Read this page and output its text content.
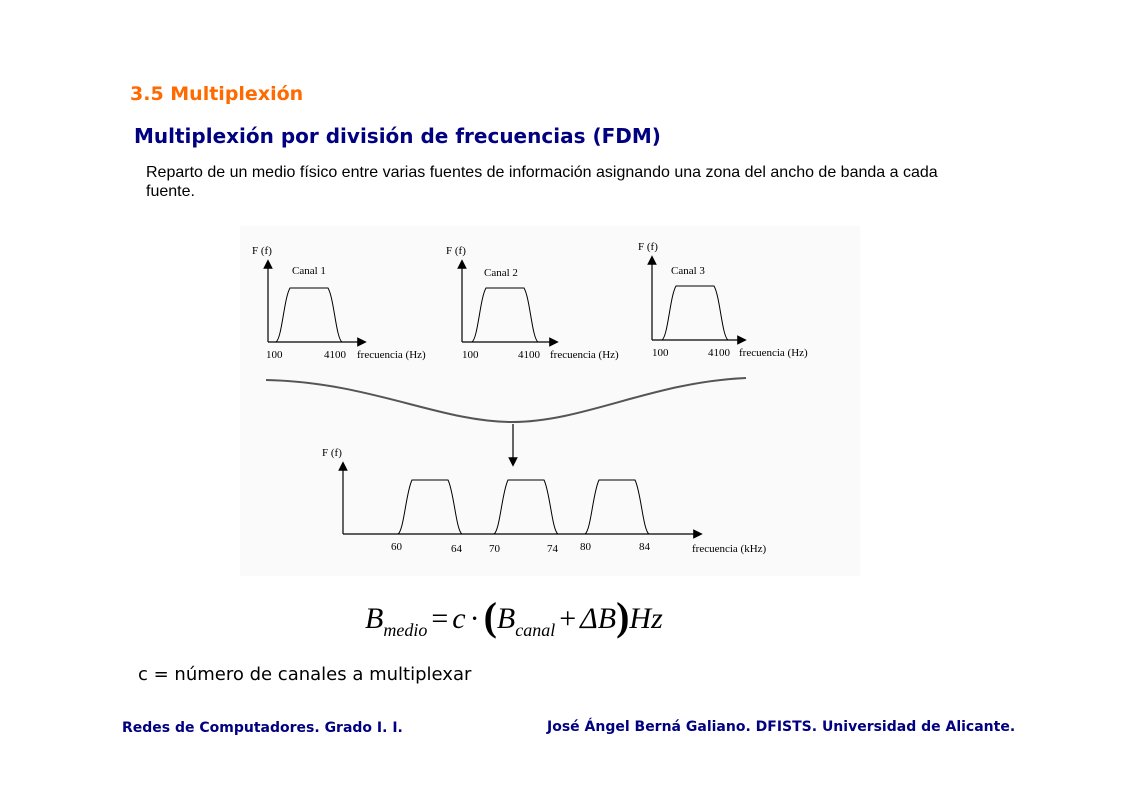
3.5 Multiplexión
Multiplexión por división de frecuencias (FDM)
Reparto de un medio físico entre varias fuentes de información asignando una zona del ancho de banda a cada fuente.
F (f)
Canal 1
100	4100 frecuencia (Hz)
F (f)
Canal 2
100	4100 frecuencia (Hz)
F (f)
Canal 3
100	4100 frecuencia (Hz)
F (f)
60	64 70	74 80	84	frecuencia (kHz)
Bmedio = c · (Bcanal + ΔB)Hz
c = número de canales a multiplexar
Redes de Computadores. Grado I. I.	José Ángel Berná Galiano. DFISTS. Universidad de Alicante.
